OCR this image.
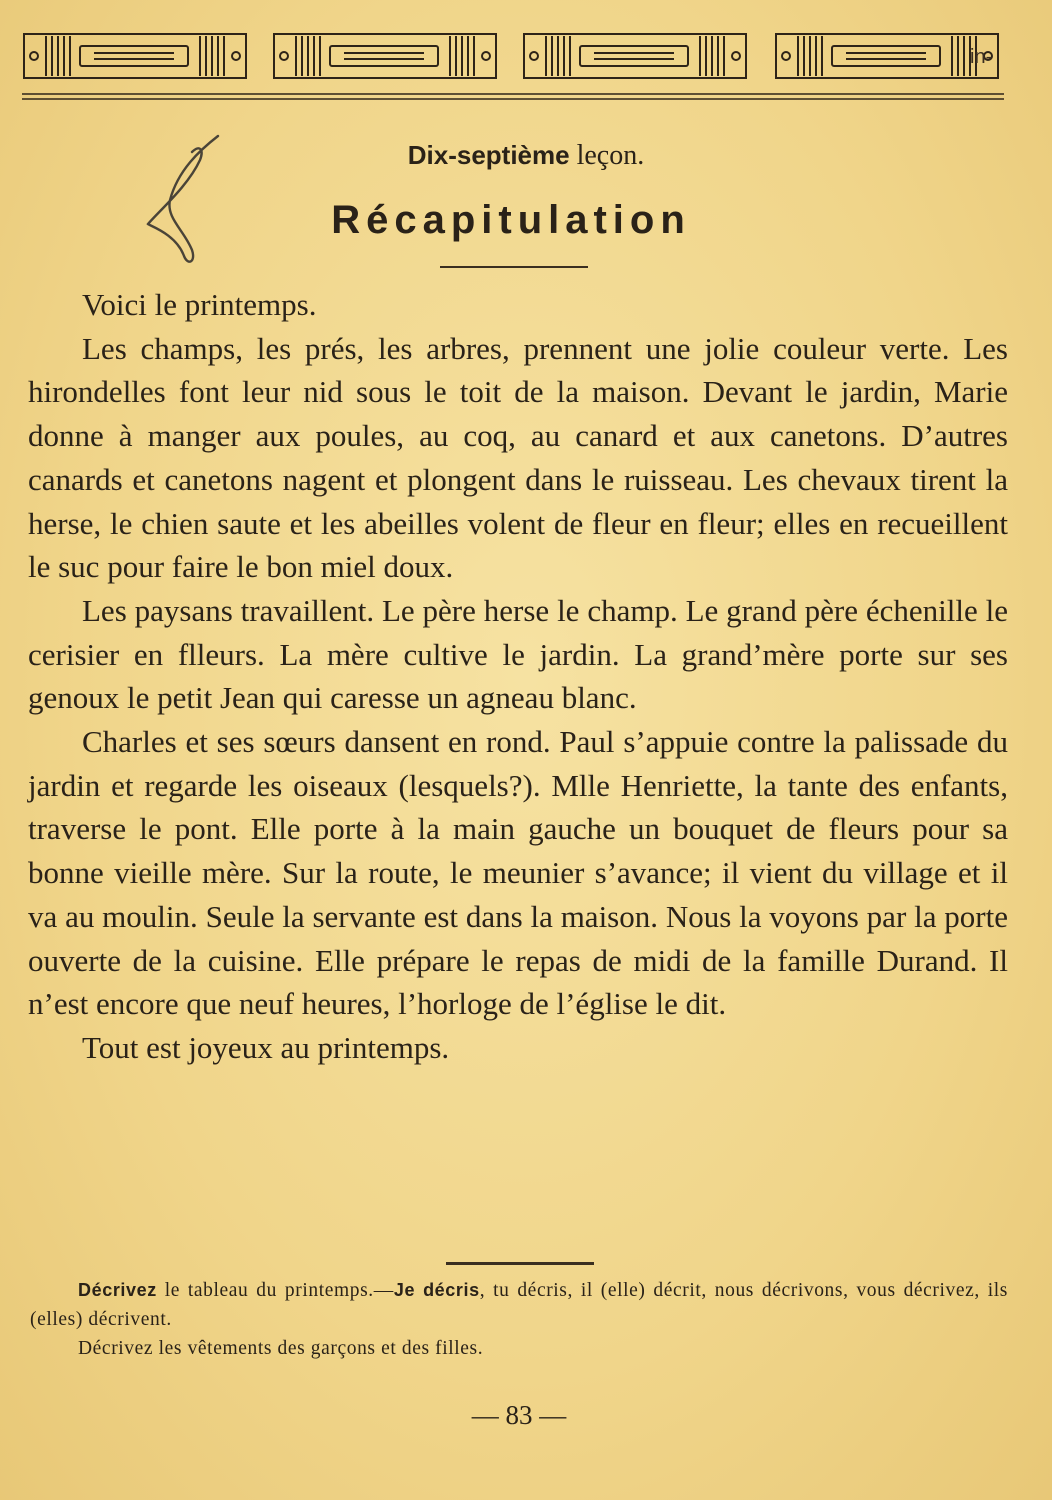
in-
Dix-septième leçon.
Récapitulation

Voici le printemps.

Les champs, les prés, les arbres, prennent une jolie couleur verte. Les hirondelles font leur nid sous le toit de la maison. Devant le jardin, Marie donne à manger aux poules, au coq, au canard et aux canetons. D’autres canards et canetons nagent et plongent dans le ruisseau. Les chevaux tirent la herse, le chien saute et les abeilles volent de fleur en fleur; elles en recueillent le suc pour faire le bon miel doux.

Les paysans travaillent. Le père herse le champ. Le grand père échenille le cerisier en flleurs. La mère cultive le jardin. La grand’mère porte sur ses genoux le petit Jean qui caresse un agneau blanc.

Charles et ses sœurs dansent en rond. Paul s’appuie contre la palissade du jardin et regarde les oiseaux (lesquels?). Mlle Henriette, la tante des enfants, traverse le pont. Elle porte à la main gauche un bouquet de fleurs pour sa bonne vieille mère. Sur la route, le meunier s’avance; il vient du village et il va au moulin. Seule la servante est dans la maison. Nous la voyons par la porte ouverte de la cuisine. Elle prépare le repas de midi de la famille Durand. Il n’est encore que neuf heures, l’horloge de l’église le dit.

Tout est joyeux au printemps.

Décrivez le tableau du printemps.—Je décris, tu décris, il (elle) décrit, nous décrivons, vous décrivez, ils (elles) décrivent.

Décrivez les vêtements des garçons et des filles.

— 83 —
